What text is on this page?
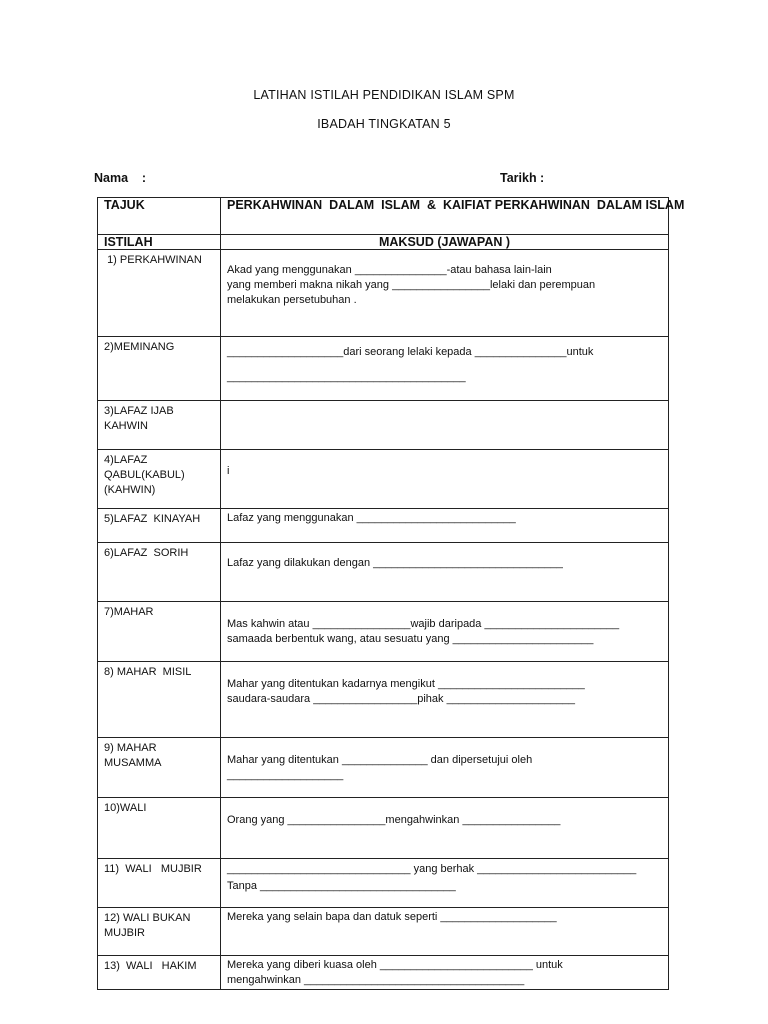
LATIHAN ISTILAH PENDIDIKAN ISLAM SPM
IBADAH TINGKATAN 5
Nama    :	Tarikh :
TAJUK	PERKAHWINAN  DALAM  ISLAM  &  KAIFIAT PERKAHWINAN  DALAM ISLAM
ISTILAH	MAKSUD (JAWAPAN )
1) PERKAHWINAN	Akad yang menggunakan _______________-atau bahasa lain-lain
yang memberi makna nikah yang ________________lelaki dan perempuan
melakukan persetubuhan .

2)MEMINANG	___________________dari seorang lelaki kepada _______________untuk
_______________________________________

3)LAFAZ IJAB KAHWIN	
4)LAFAZ QABUL(KABUL) (KAHWIN)	i

5)LAFAZ  KINAYAH	Lafaz yang menggunakan __________________________

6)LAFAZ  SORIH	Lafaz yang dilakukan dengan _______________________________

7)MAHAR	Mas kahwin atau ________________wajib daripada ______________________
samaada berbentuk wang, atau sesuatu yang _______________________

8) MAHAR  MISIL	Mahar yang ditentukan kadarnya mengikut ________________________
saudara-saudara _________________pihak _____________________

9) MAHAR MUSAMMA	Mahar yang ditentukan ______________ dan dipersetujui oleh
___________________

10)WALI	Orang yang ________________mengahwinkan ________________

11)  WALI   MUJBIR	______________________________ yang berhak __________________________
Tanpa ________________________________

12) WALI BUKAN MUJBIR	Mereka yang selain bapa dan datuk seperti ___________________

13)  WALI   HAKIM	Mereka yang diberi kuasa oleh _________________________ untuk
mengahwinkan ____________________________________
